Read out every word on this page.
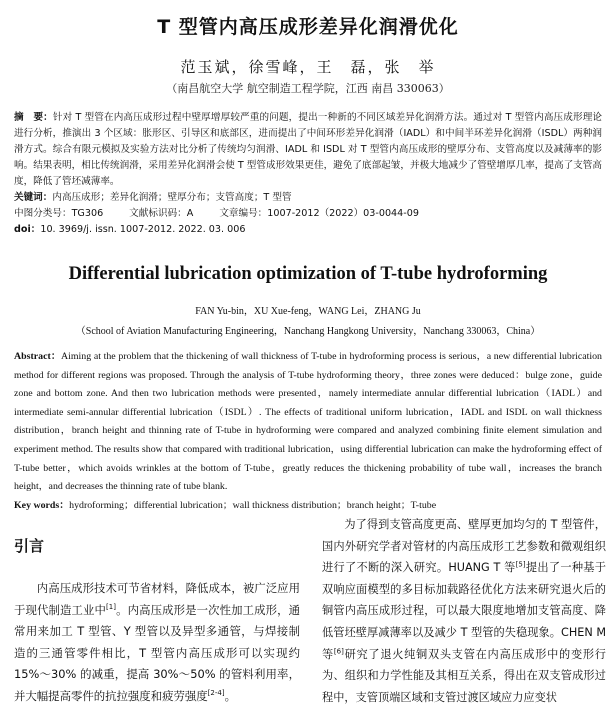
T 型管内高压成形差异化润滑优化
范玉斌，徐雪峰，王　磊，张　举
（南昌航空大学 航空制造工程学院，江西 南昌 330063）

摘　要：针对 T 型管在内高压成形过程中壁厚增厚较严重的问题，提出一种新的不同区域差异化润滑方法。通过对 T 型管内高压成形理论进行分析，推演出 3 个区域：胀形区、引导区和底部区，进而提出了中间环形差异化润滑（IADL）和中间半环差异化润滑（ISDL）两种润滑方式。综合有限元模拟及实验方法对比分析了传统均匀润滑、IADL 和 ISDL 对 T 型管内高压成形的壁厚分布、支管高度以及减薄率的影响。结果表明，相比传统润滑，采用差异化润滑会使 T 型管成形效果更佳，避免了底部起皱，并极大地减少了管壁增厚几率，提高了支管高度，降低了管坯减薄率。

关键词：内高压成形；差异化润滑；壁厚分布；支管高度；T 型管

中图分类号：TG306	文献标识码：A	文章编号：1007-2012（2022）03-0044-09

doi：10. 3969/j. issn. 1007-2012. 2022. 03. 006

Differential lubrication optimization of T-tube hydroforming
FAN Yu-bin，XU Xue-feng，WANG Lei，ZHANG Ju
（School of Aviation Manufacturing Engineering，Nanchang Hangkong University，Nanchang 330063，China）

Abstract：Aiming at the problem that the thickening of wall thickness of T-tube in hydroforming process is serious，a new differential lubrication method for different regions was proposed. Through the analysis of T-tube hydroforming theory，three zones were deduced：bulge zone，guide zone and bottom zone. And then two lubrication methods were presented，namely intermediate annular differential lubrication（IADL）and intermediate semi-annular differential lubrication（ISDL）. The effects of traditional uniform lubrication，IADL and ISDL on wall thickness distribution，branch height and thinning rate of T-tube in hydroforming were compared and analyzed combining finite element simulation and experiment method. The results show that compared with traditional lubrication，using differential lubrication can make the hydroforming effect of T-tube better，which avoids wrinkles at the bottom of T-tube，greatly reduces the thickening probability of tube wall，increases the branch height，and decreases the thinning rate of tube blank.

Key words：hydroforming；differential lubrication；wall thickness distribution；branch height；T-tube

引言

内高压成形技术可节省材料，降低成本，被广泛应用于现代制造工业中[1]。内高压成形是一次性加工成形，通常用来加工 T 型管、Y 型管以及异型多通管，与焊接制造的三通管零件相比，T 型管内高压成形可以实现约 15%～30% 的减重，提高 30%～50% 的管料利用率，并大幅提高零件的抗拉强度和疲劳强度[2-4]。

为了得到支管高度更高、壁厚更加均匀的 T 型管件，国内外研究学者对管材的内高压成形工艺参数和微观组织进行了不断的深入研究。HUANG T 等[5]提出了一种基于双响应面模型的多目标加载路径优化方法来研究退火后的铜管内高压成形过程，可以最大限度地增加支管高度、降低管坯壁厚减薄率以及减少 T 型管的失稳现象。CHEN M 等[6]研究了退火纯铜双头支管在内高压成形中的变形行为、组织和力学性能及其相互关系，得出在双支管成形过程中，支管顶端区域和支管过渡区域应力应变状
